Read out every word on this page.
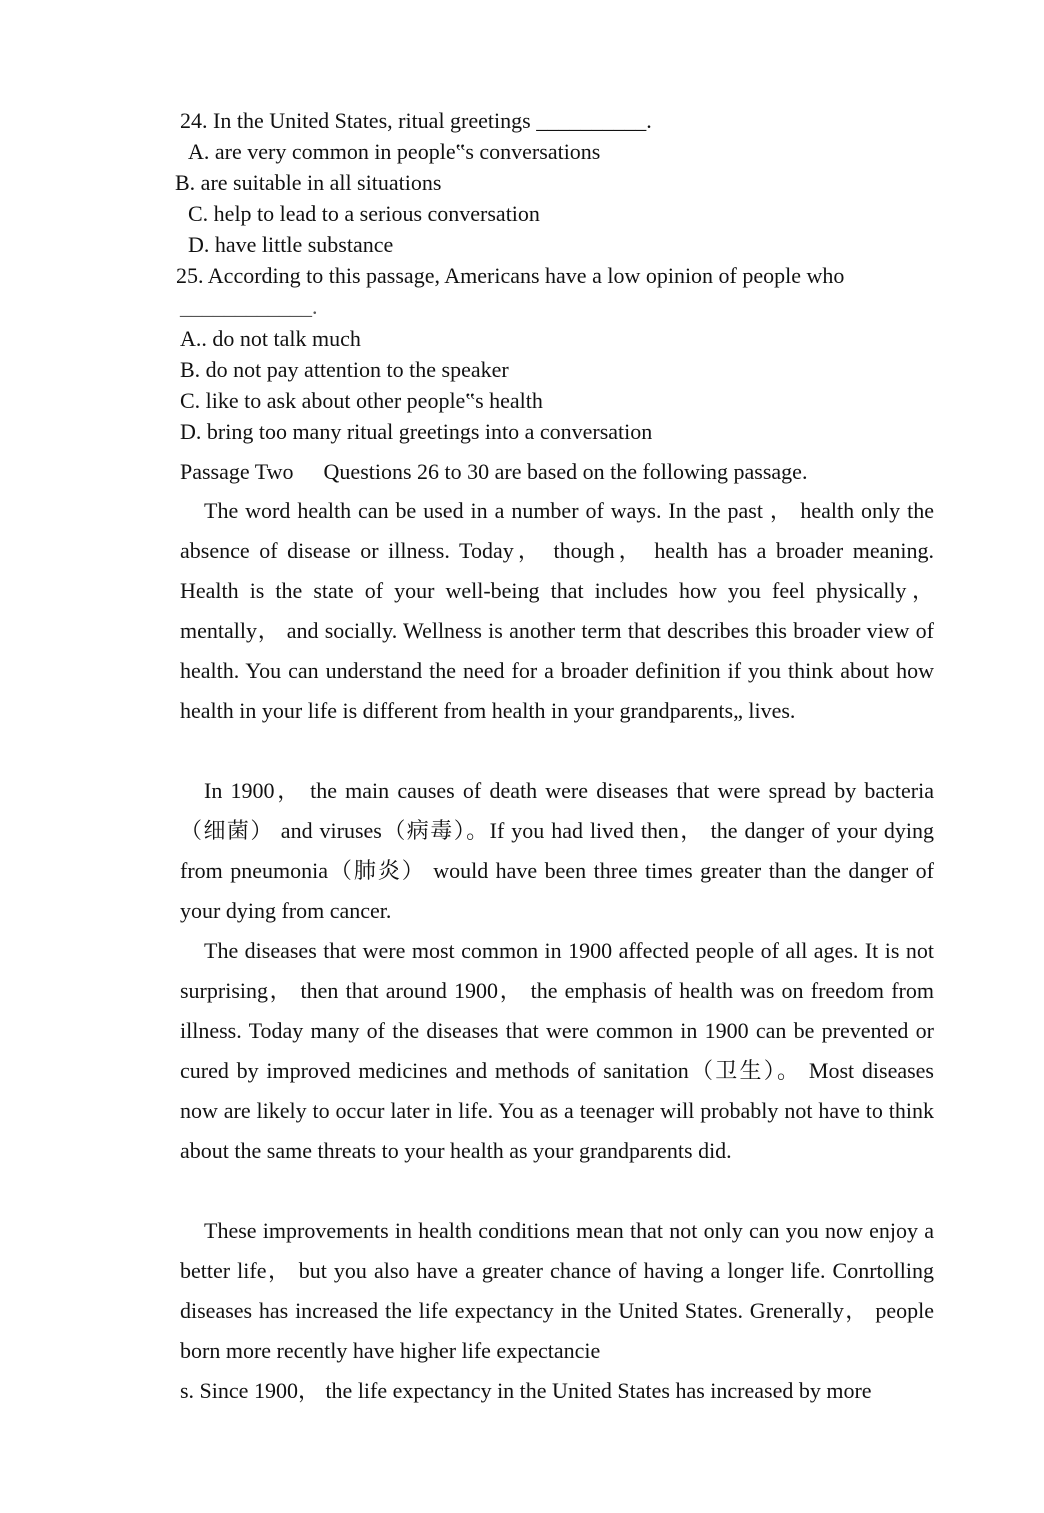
24. In the United States, ritual greetings __________.
A. are very common in people‟s conversations
B. are suitable in all situations
C. help to lead to a serious conversation
D. have little substance
25. According to this passage, Americans have a low opinion of people who
____________.
A.. do not talk much
B. do not pay attention to the speaker
C. like to ask about other people‟s health
D. bring too many ritual greetings into a conversation
Passage Two Questions 26 to 30 are based on the following passage.

The word health can be used in a number of ways. In the past ， health only the absence of disease or illness. Today， though， health has a broader meaning. Health is the state of your well-being that includes how you feel physically， mentally， and socially. Wellness is another term that describes this broader view of health. You can understand the need for a broader definition if you think about how health in your life is different from health in your grandparents„ lives.

In 1900， the main causes of death were diseases that were spread by bacteria（细菌） and viruses（病毒）。If you had lived then， the danger of your dying from pneumonia（肺炎） would have been three times greater than the danger of your dying from cancer.

The diseases that were most common in 1900 affected people of all ages. It is not surprising， then that around 1900， the emphasis of health was on freedom from illness. Today many of the diseases that were common in 1900 can be prevented or cured by improved medicines and methods of sanitation（卫生）。 Most diseases now are likely to occur later in life. You as a teenager will probably not have to think about the same threats to your health as your grandparents did.

These improvements in health conditions mean that not only can you now enjoy a better life， but you also have a greater chance of having a longer life. Conrtolling diseases has increased the life expectancy in the United States. Grenerally， people born more recently have higher life expectancie

s. Since 1900， the life expectancy in the United States has increased by more
